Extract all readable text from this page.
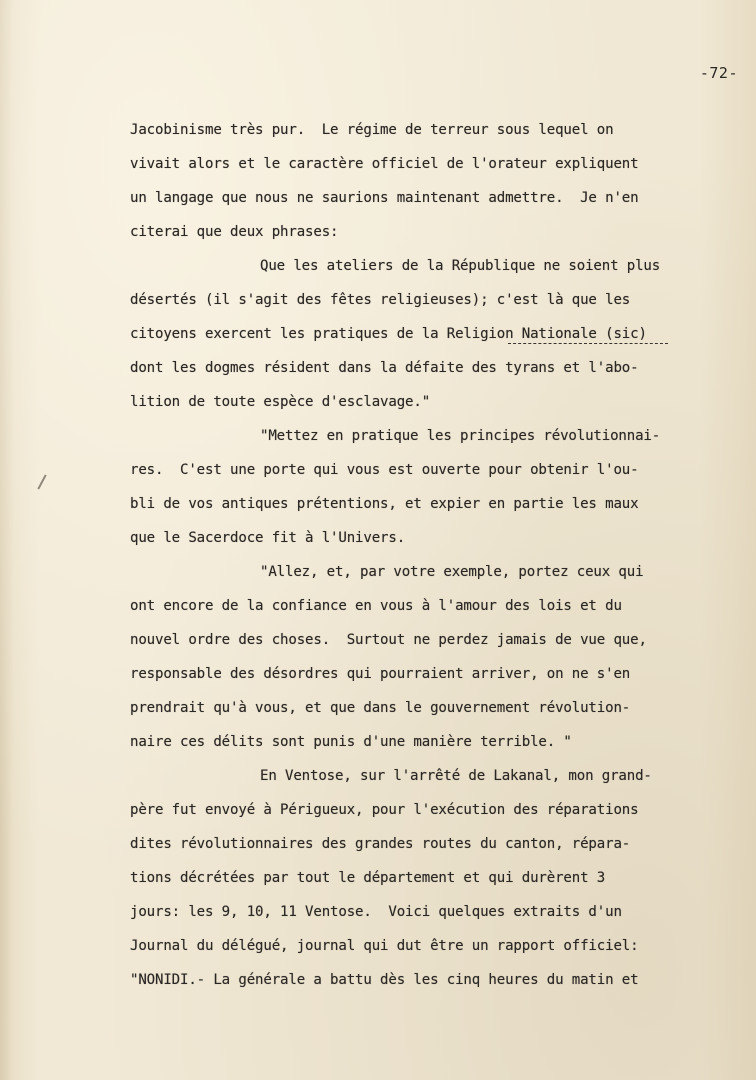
-72-
Jacobinisme très pur.  Le régime de terreur sous lequel on
vivait alors et le caractère officiel de l'orateur expliquent
un langage que nous ne saurions maintenant admettre.  Je n'en
citerai que deux phrases:
Que les ateliers de la République ne soient plus
désertés (il s'agit des fêtes religieuses); c'est là que les
citoyens exercent les pratiques de la Religion Nationale (sic)
dont les dogmes résident dans la défaite des tyrans et l'abo-
lition de toute espèce d'esclavage."
"Mettez en pratique les principes révolutionnai-
res.  C'est une porte qui vous est ouverte pour obtenir l'ou-
bli de vos antiques prétentions, et expier en partie les maux
que le Sacerdoce fit à l'Univers.
"Allez, et, par votre exemple, portez ceux qui
ont encore de la confiance en vous à l'amour des lois et du
nouvel ordre des choses.  Surtout ne perdez jamais de vue que,
responsable des désordres qui pourraient arriver, on ne s'en
prendrait qu'à vous, et que dans le gouvernement révolution-
naire ces délits sont punis d'une manière terrible. "
En Ventose, sur l'arrêté de Lakanal, mon grand-
père fut envoyé à Périgueux, pour l'exécution des réparations
dites révolutionnaires des grandes routes du canton, répara-
tions décrétées par tout le département et qui durèrent 3
jours: les 9, 10, 11 Ventose.  Voici quelques extraits d'un
Journal du délégué, journal qui dut être un rapport officiel:
"NONIDI.- La générale a battu dès les cinq heures du matin et
